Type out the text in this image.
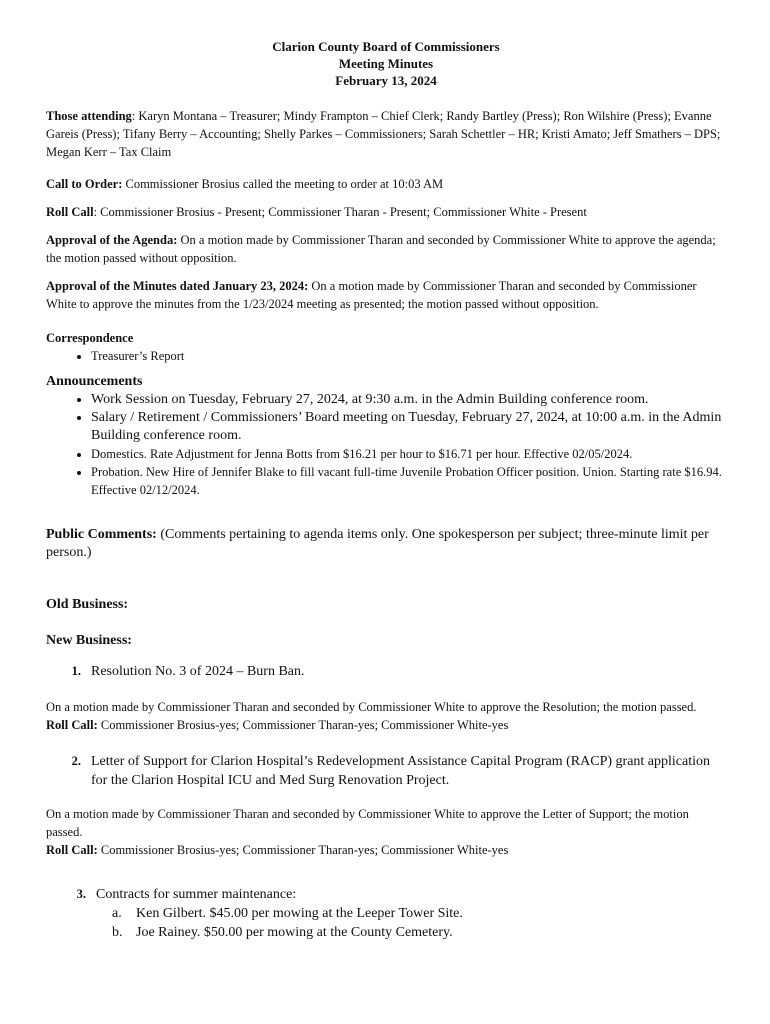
Clarion County Board of Commissioners
Meeting Minutes
February 13, 2024

Those attending: Karyn Montana – Treasurer; Mindy Frampton – Chief Clerk; Randy Bartley (Press); Ron Wilshire (Press); Evanne Gareis (Press); Tifany Berry – Accounting; Shelly Parkes – Commissioners; Sarah Schettler – HR; Kristi Amato; Jeff Smathers – DPS; Megan Kerr – Tax Claim

Call to Order: Commissioner Brosius called the meeting to order at 10:03 AM

Roll Call: Commissioner Brosius - Present; Commissioner Tharan - Present; Commissioner White - Present

Approval of the Agenda: On a motion made by Commissioner Tharan and seconded by Commissioner White to approve the agenda; the motion passed without opposition.

Approval of the Minutes dated January 23, 2024: On a motion made by Commissioner Tharan and seconded by Commissioner White to approve the minutes from the 1/23/2024 meeting as presented; the motion passed without opposition.

Correspondence

• Treasurer’s Report

Announcements

• Work Session on Tuesday, February 27, 2024, at 9:30 a.m. in the Admin Building conference room.
• Salary / Retirement / Commissioners’ Board meeting on Tuesday, February 27, 2024, at 10:00 a.m. in the Admin Building conference room.
• Domestics. Rate Adjustment for Jenna Botts from $16.21 per hour to $16.71 per hour. Effective 02/05/2024.
• Probation. New Hire of Jennifer Blake to fill vacant full-time Juvenile Probation Officer position. Union. Starting rate $16.94. Effective 02/12/2024.

Public Comments: (Comments pertaining to agenda items only. One spokesperson per subject; three-minute limit per person.)

Old Business:

New Business:

1. Resolution No. 3 of 2024 – Burn Ban.

On a motion made by Commissioner Tharan and seconded by Commissioner White to approve the Resolution; the motion passed.

Roll Call: Commissioner Brosius-yes; Commissioner Tharan-yes; Commissioner White-yes

2. Letter of Support for Clarion Hospital’s Redevelopment Assistance Capital Program (RACP) grant application for the Clarion Hospital ICU and Med Surg Renovation Project.

On a motion made by Commissioner Tharan and seconded by Commissioner White to approve the Letter of Support; the motion passed.

Roll Call: Commissioner Brosius-yes; Commissioner Tharan-yes; Commissioner White-yes

3. Contracts for summer maintenance:
a.	Ken Gilbert. $45.00 per mowing at the Leeper Tower Site.
b. Joe Rainey. $50.00 per mowing at the County Cemetery.
